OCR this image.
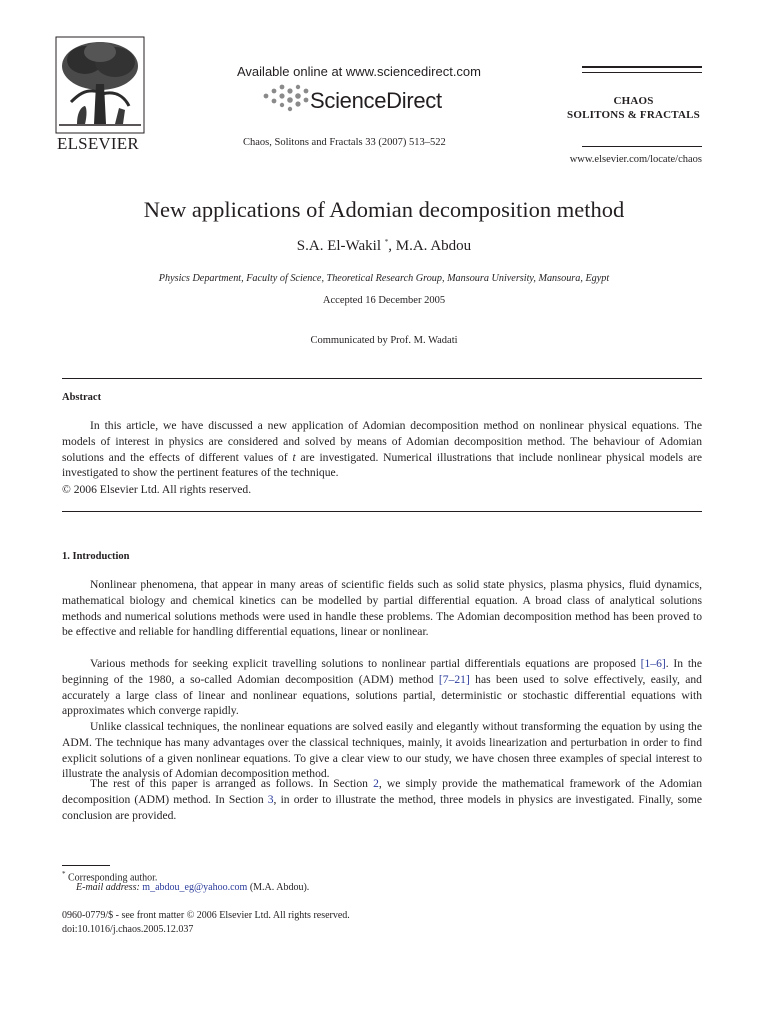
ELSEVIER
Available online at www.sciencedirect.com
ScienceDirect
Chaos, Solitons and Fractals 33 (2007) 513–522
CHAOS
SOLITONS & FRACTALS
www.elsevier.com/locate/chaos
New applications of Adomian decomposition method
S.A. El-Wakil *, M.A. Abdou
Physics Department, Faculty of Science, Theoretical Research Group, Mansoura University, Mansoura, Egypt
Accepted 16 December 2005
Communicated by Prof. M. Wadati
Abstract

In this article, we have discussed a new application of Adomian decomposition method on nonlinear physical equations. The models of interest in physics are considered and solved by means of Adomian decomposition method. The behaviour of Adomian solutions and the effects of different values of t are investigated. Numerical illustrations that include nonlinear physical models are investigated to show the pertinent features of the technique.

© 2006 Elsevier Ltd. All rights reserved.

1. Introduction

Nonlinear phenomena, that appear in many areas of scientific fields such as solid state physics, plasma physics, fluid dynamics, mathematical biology and chemical kinetics can be modelled by partial differential equation. A broad class of analytical solutions methods and numerical solutions methods were used in handle these problems. The Adomian decomposition method has been proved to be effective and reliable for handling differential equations, linear or nonlinear.

Various methods for seeking explicit travelling solutions to nonlinear partial differentials equations are proposed [1–6]. In the beginning of the 1980, a so-called Adomian decomposition (ADM) method [7–21] has been used to solve effectively, easily, and accurately a large class of linear and nonlinear equations, solutions partial, deterministic or stochastic differential equations with approximates which converge rapidly.

Unlike classical techniques, the nonlinear equations are solved easily and elegantly without transforming the equation by using the ADM. The technique has many advantages over the classical techniques, mainly, it avoids linearization and perturbation in order to find explicit solutions of a given nonlinear equations. To give a clear view to our study, we have chosen three examples of special interest to illustrate the analysis of Adomian decomposition method.

The rest of this paper is arranged as follows. In Section 2, we simply provide the mathematical framework of the Adomian decomposition (ADM) method. In Section 3, in order to illustrate the method, three models in physics are investigated. Finally, some conclusion are provided.

* Corresponding author.
E-mail address: m_abdou_eg@yahoo.com (M.A. Abdou).
0960-0779/$ - see front matter © 2006 Elsevier Ltd. All rights reserved.
doi:10.1016/j.chaos.2005.12.037
